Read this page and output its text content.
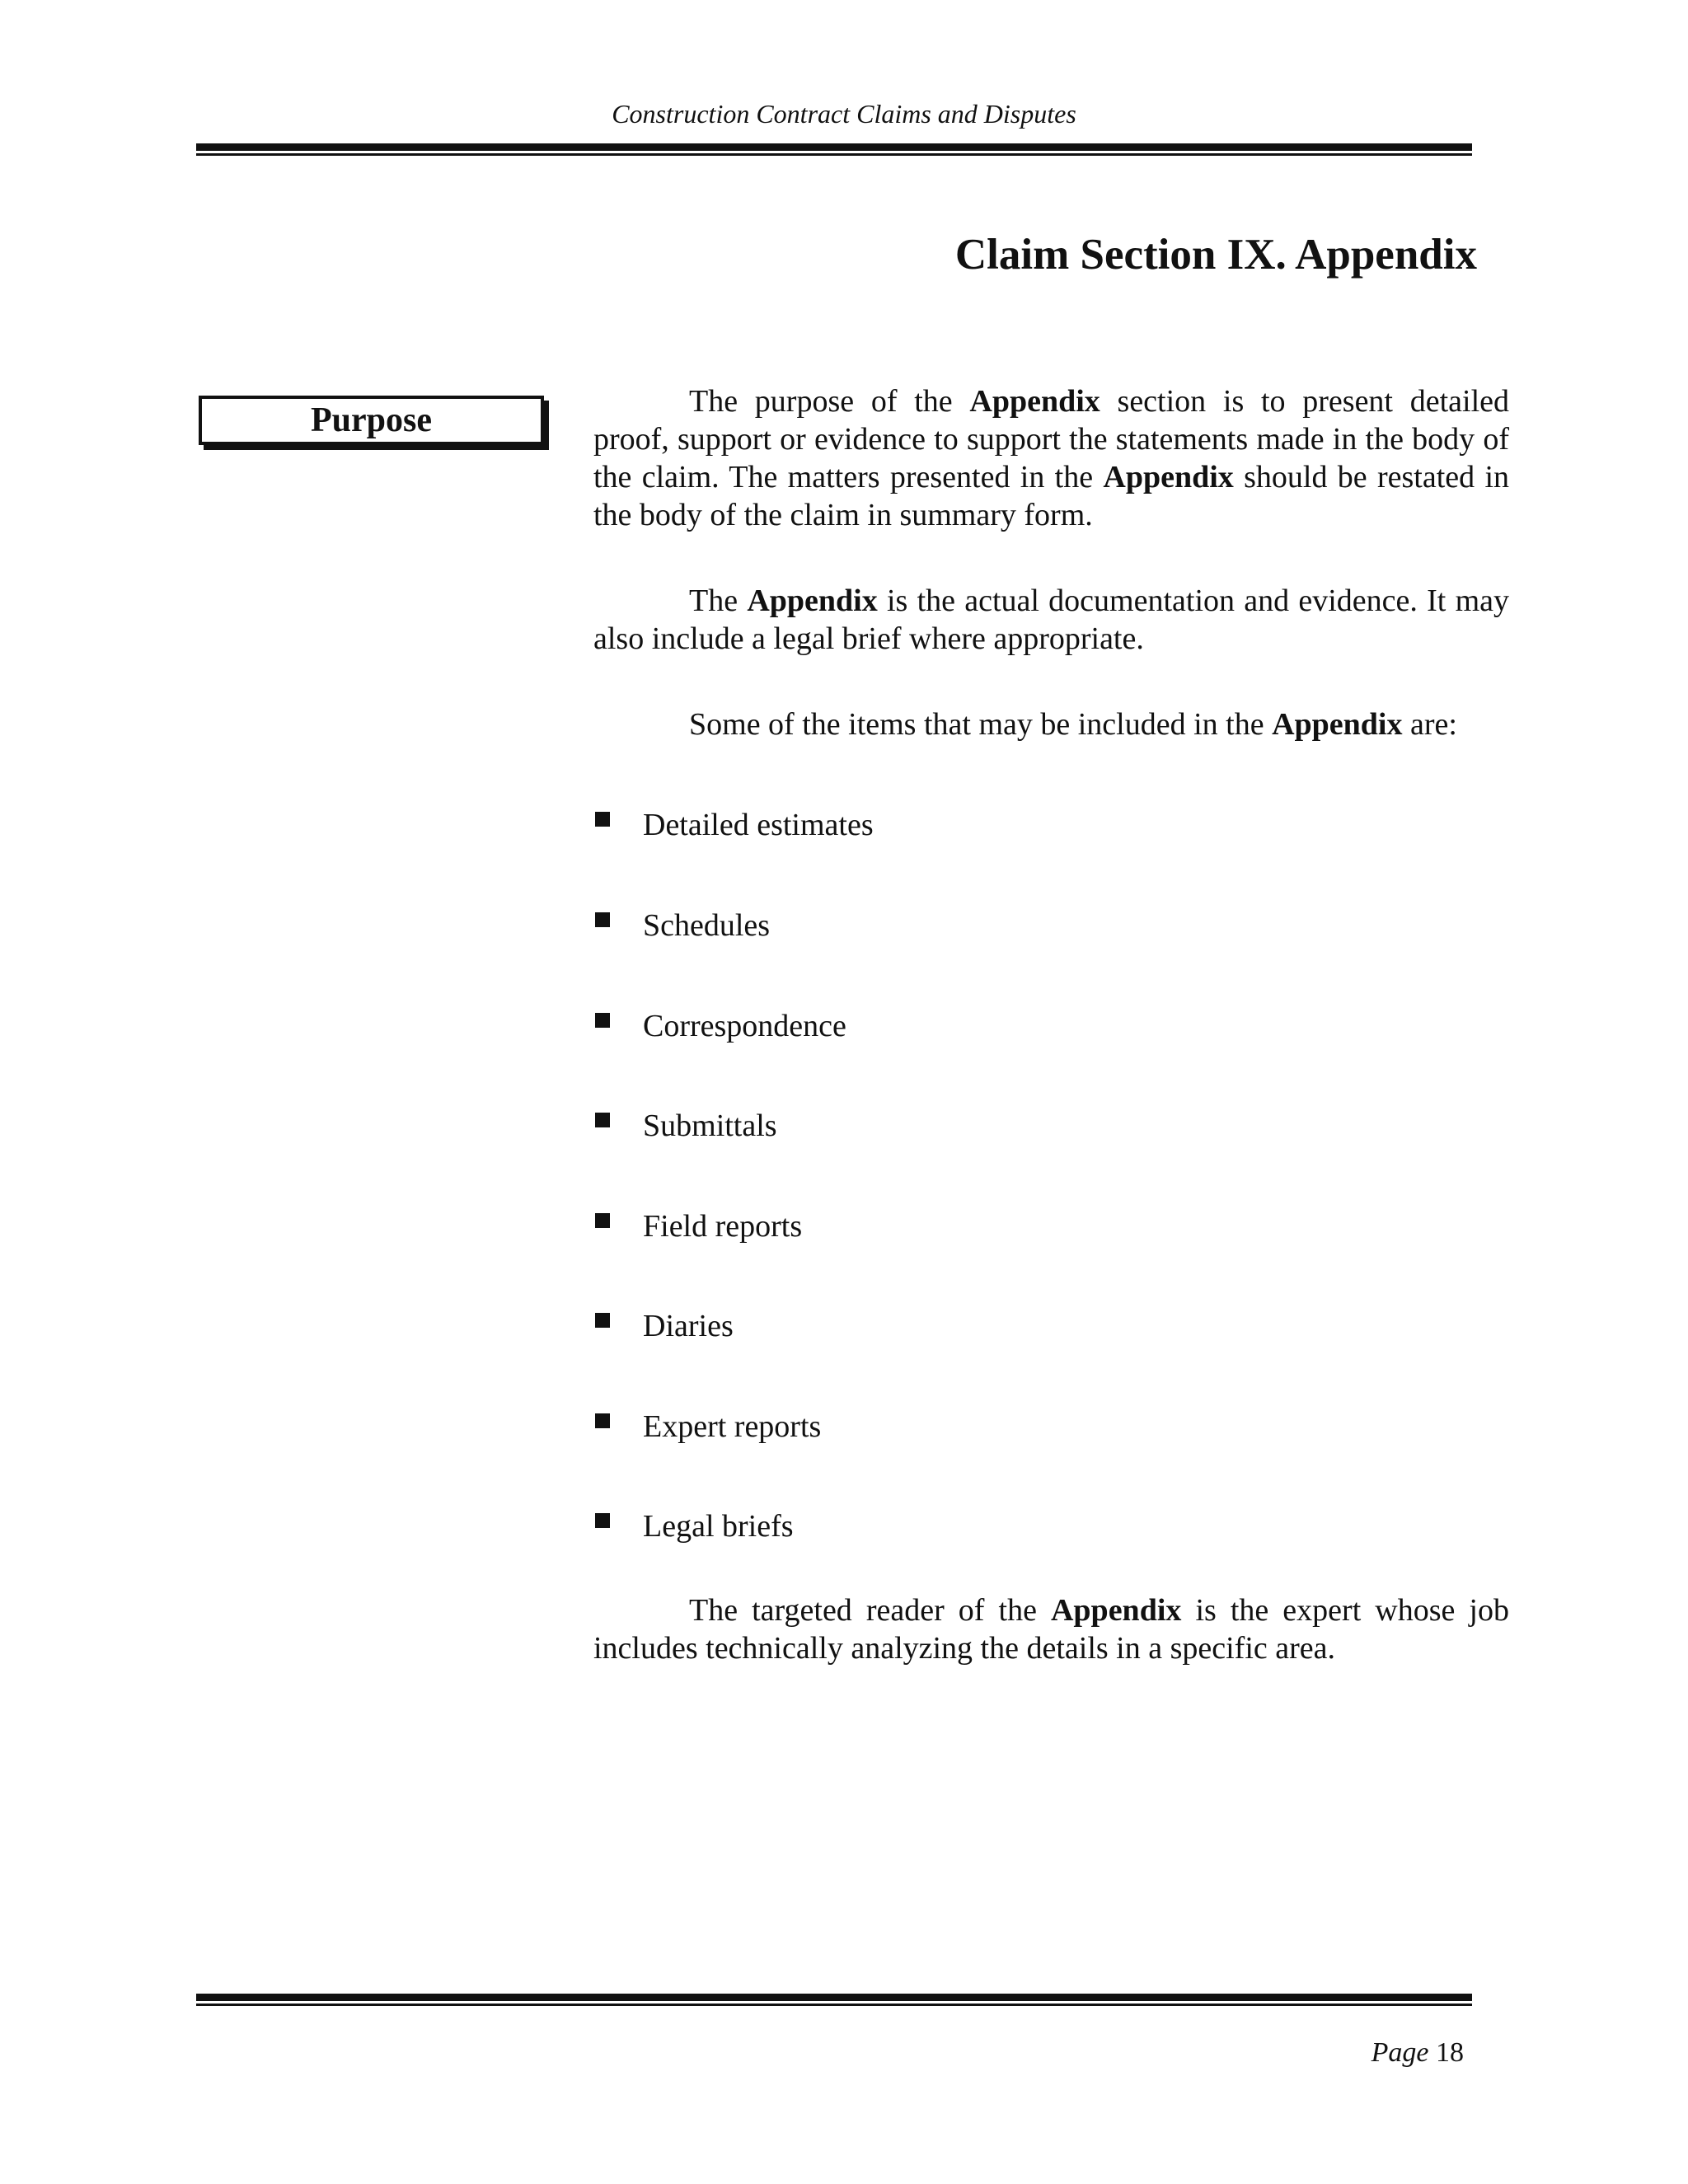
Construction Contract Claims and Disputes
Claim Section IX. Appendix
Purpose	The purpose of the Appendix section is to present detailed proof, support or evidence to support the statements made in the body of the claim. The matters presented in the Appendix should be restated in the body of the claim in summary form.

The Appendix is the actual documentation and evidence. It may also include a legal brief where appropriate.

Some of the items that may be included in the Appendix are:

Detailed estimates
Schedules
Correspondence
Submittals
Field reports
Diaries
Expert reports
Legal briefs

The targeted reader of the Appendix is the expert whose job includes technically analyzing the details in a specific area.

Page 18
